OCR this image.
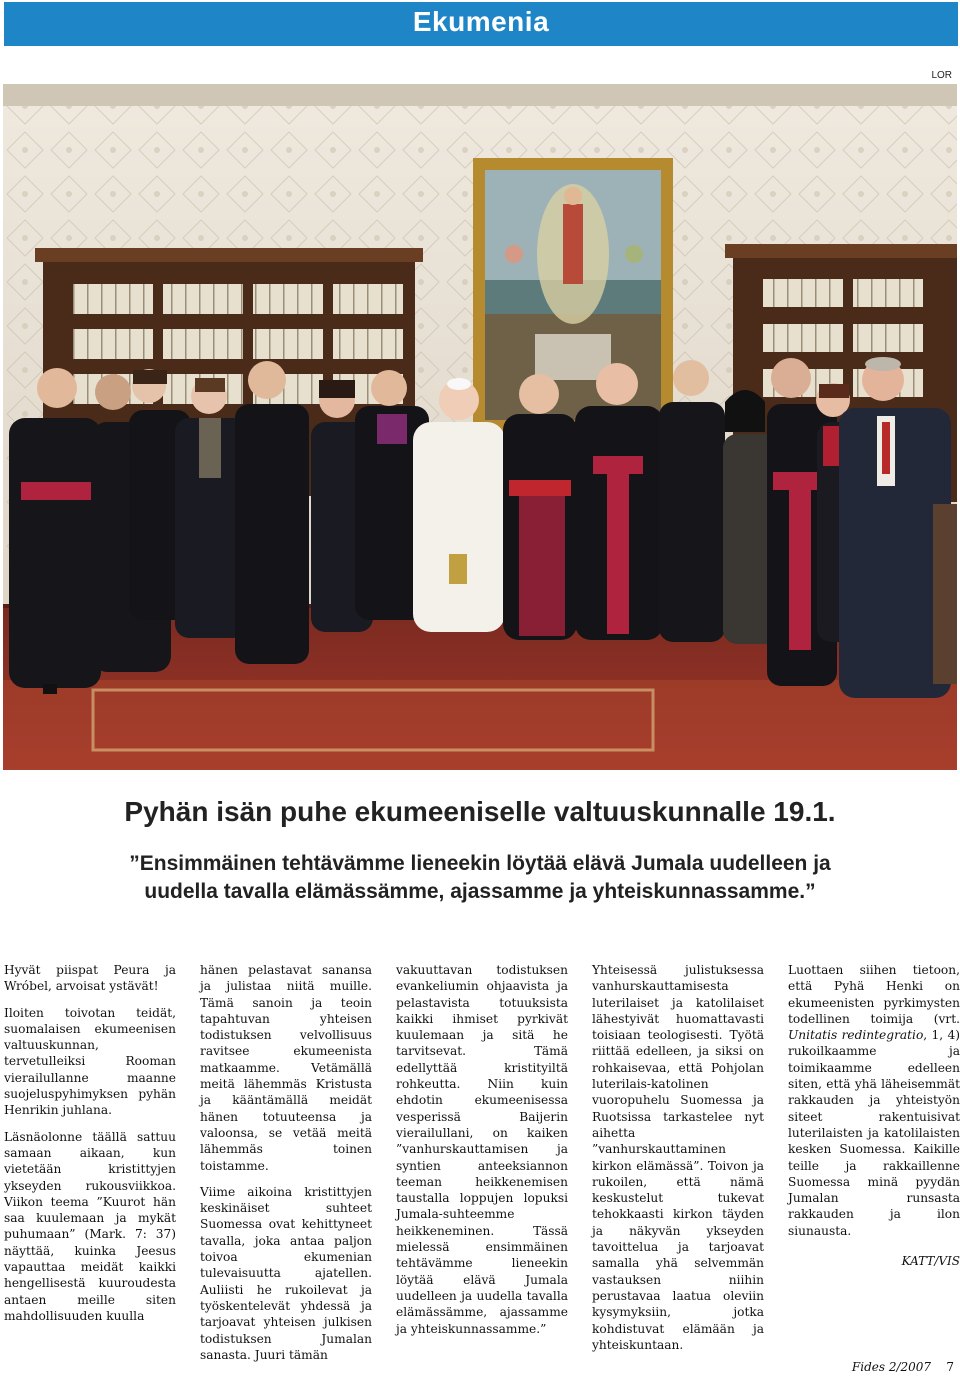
Ekumenia
LOR
Pyhän isän puhe ekumeeniselle valtuuskunnalle 19.1.
”Ensimmäinen tehtävämme lieneekin löytää elävä Jumala uudelleen ja uudella tavalla elämässämme, ajassamme ja yhteiskunnassamme.”

Hyvät piispat Peura ja Wróbel, arvoisat ystävät!

Iloiten toivotan teidät, suomalaisen ekumeenisen valtuuskunnan, tervetulleiksi Rooman vierailullanne maanne suojeluspyhimyksen pyhän Henrikin juhlana.

Läsnäolonne täällä sattuu samaan aikaan, kun vietetään kristittyjen ykseyden rukousviikkoa. Viikon teema ”Kuurot hän saa kuulemaan ja mykät puhumaan” (Mark. 7: 37) näyttää, kuinka Jeesus vapauttaa meidät kaikki hengellisestä kuuroudesta antaen meille siten mahdollisuuden kuulla

hänen pelastavat sanansa ja julistaa niitä muille. Tämä sanoin ja teoin tapahtuvan yhteisen todistuksen velvollisuus ravitsee ekumeenista matkaamme. Vetämällä meitä lähemmäs Kristusta ja kääntämällä meidät hänen totuuteensa ja valoonsa, se vetää meitä lähemmäs toinen toistamme.

Viime aikoina kristittyjen keskinäiset suhteet Suomessa ovat kehittyneet tavalla, joka antaa paljon toivoa ekumenian tulevaisuutta ajatellen. Auliisti he rukoilevat ja työskentelevät yhdessä ja tarjoavat yhteisen julkisen todistuksen Jumalan sanasta. Juuri tämän

vakuuttavan todistuksen evankeliumin ohjaavista ja pelastavista totuuksista kaikki ihmiset pyrkivät kuulemaan ja sitä he tarvitsevat. Tämä edellyttää kristityiltä rohkeutta. Niin kuin ehdotin ekumeenisessa vesperissä Baijerin vierailullani, on kaiken ”vanhurskauttamisen ja syntien anteeksiannon teeman heikkenemisen taustalla loppujen lopuksi Jumala-suhteemme heikkeneminen. Tässä mielessä ensimmäinen tehtävämme lieneekin löytää elävä Jumala uudelleen ja uudella tavalla elämässämme, ajassamme ja yhteiskunnassamme.”

Yhteisessä julistuksessa vanhurskauttamisesta luterilaiset ja katolilaiset lähestyivät huomattavasti toisiaan teologisesti. Työtä riittää edelleen, ja siksi on rohkaisevaa, että Pohjolan luterilais-katolinen vuoropuhelu Suomessa ja Ruotsissa tarkastelee nyt aihetta ”vanhurskauttaminen kirkon elämässä”. Toivon ja rukoilen, että nämä keskustelut tukevat tehokkaasti kirkon täyden ja näkyvän ykseyden tavoittelua ja tarjoavat samalla yhä selvemmän vastauksen niihin perustavaa laatua oleviin kysymyksiin, jotka kohdistuvat elämään ja yhteiskuntaan.

Luottaen siihen tietoon, että Pyhä Henki on ekumeenisten pyrkimysten todellinen toimija (vrt. Unitatis redintegratio, 1, 4) rukoilkaamme ja toimikaamme edelleen siten, että yhä läheisemmät rakkauden ja yhteistyön siteet rakentuisivat luterilaisten ja katolilaisten kesken Suomessa. Kaikille teille ja rakkaillenne Suomessa minä pyydän Jumalan runsasta rakkauden ja ilon siunausta.

KATT/VIS
Fides 2/2007 7
